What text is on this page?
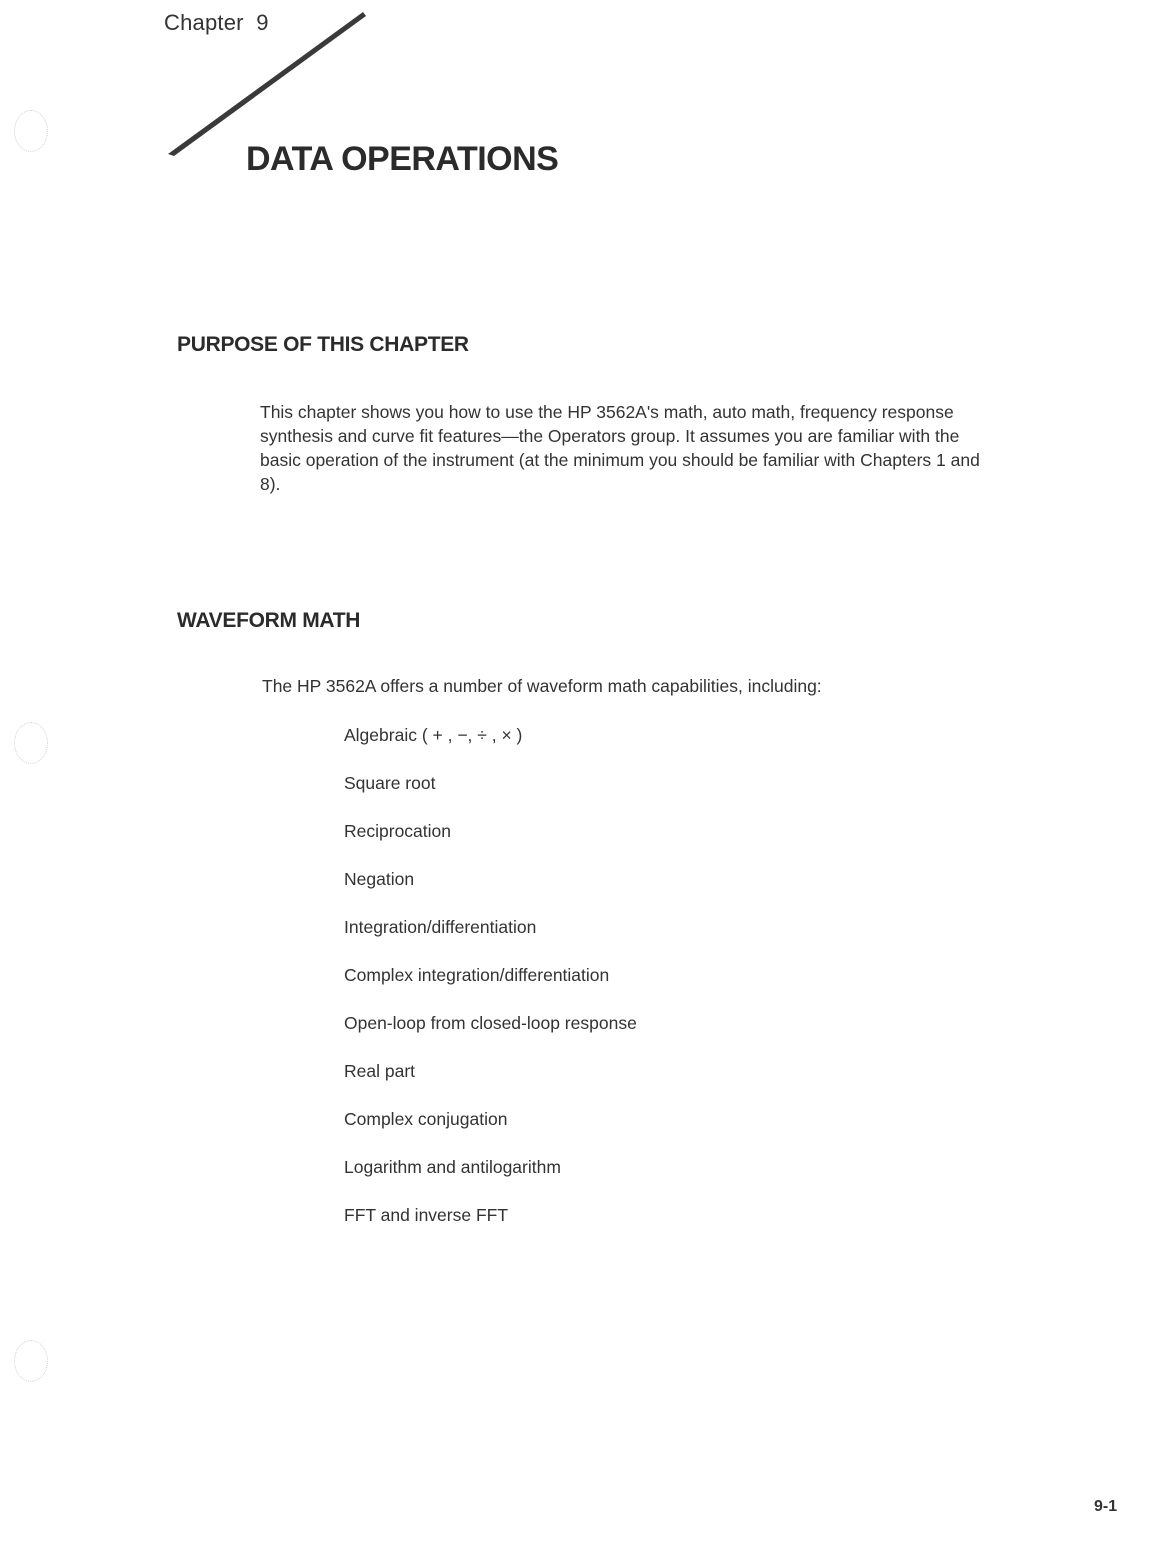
Chapter  9
DATA OPERATIONS
PURPOSE OF THIS CHAPTER
This chapter shows you how to use the HP 3562A's math, auto math, frequency response synthesis and curve fit features—the Operators group. It assumes you are familiar with the basic operation of the instrument (at the minimum you should be familiar with Chapters 1 and 8).
WAVEFORM MATH
The HP 3562A offers a number of waveform math capabilities, including:
Algebraic ( + , −, ÷ , × )
Square root
Reciprocation
Negation
Integration/differentiation
Complex integration/differentiation
Open-loop from closed-loop response
Real part
Complex conjugation
Logarithm and antilogarithm
FFT and inverse FFT
9-1
